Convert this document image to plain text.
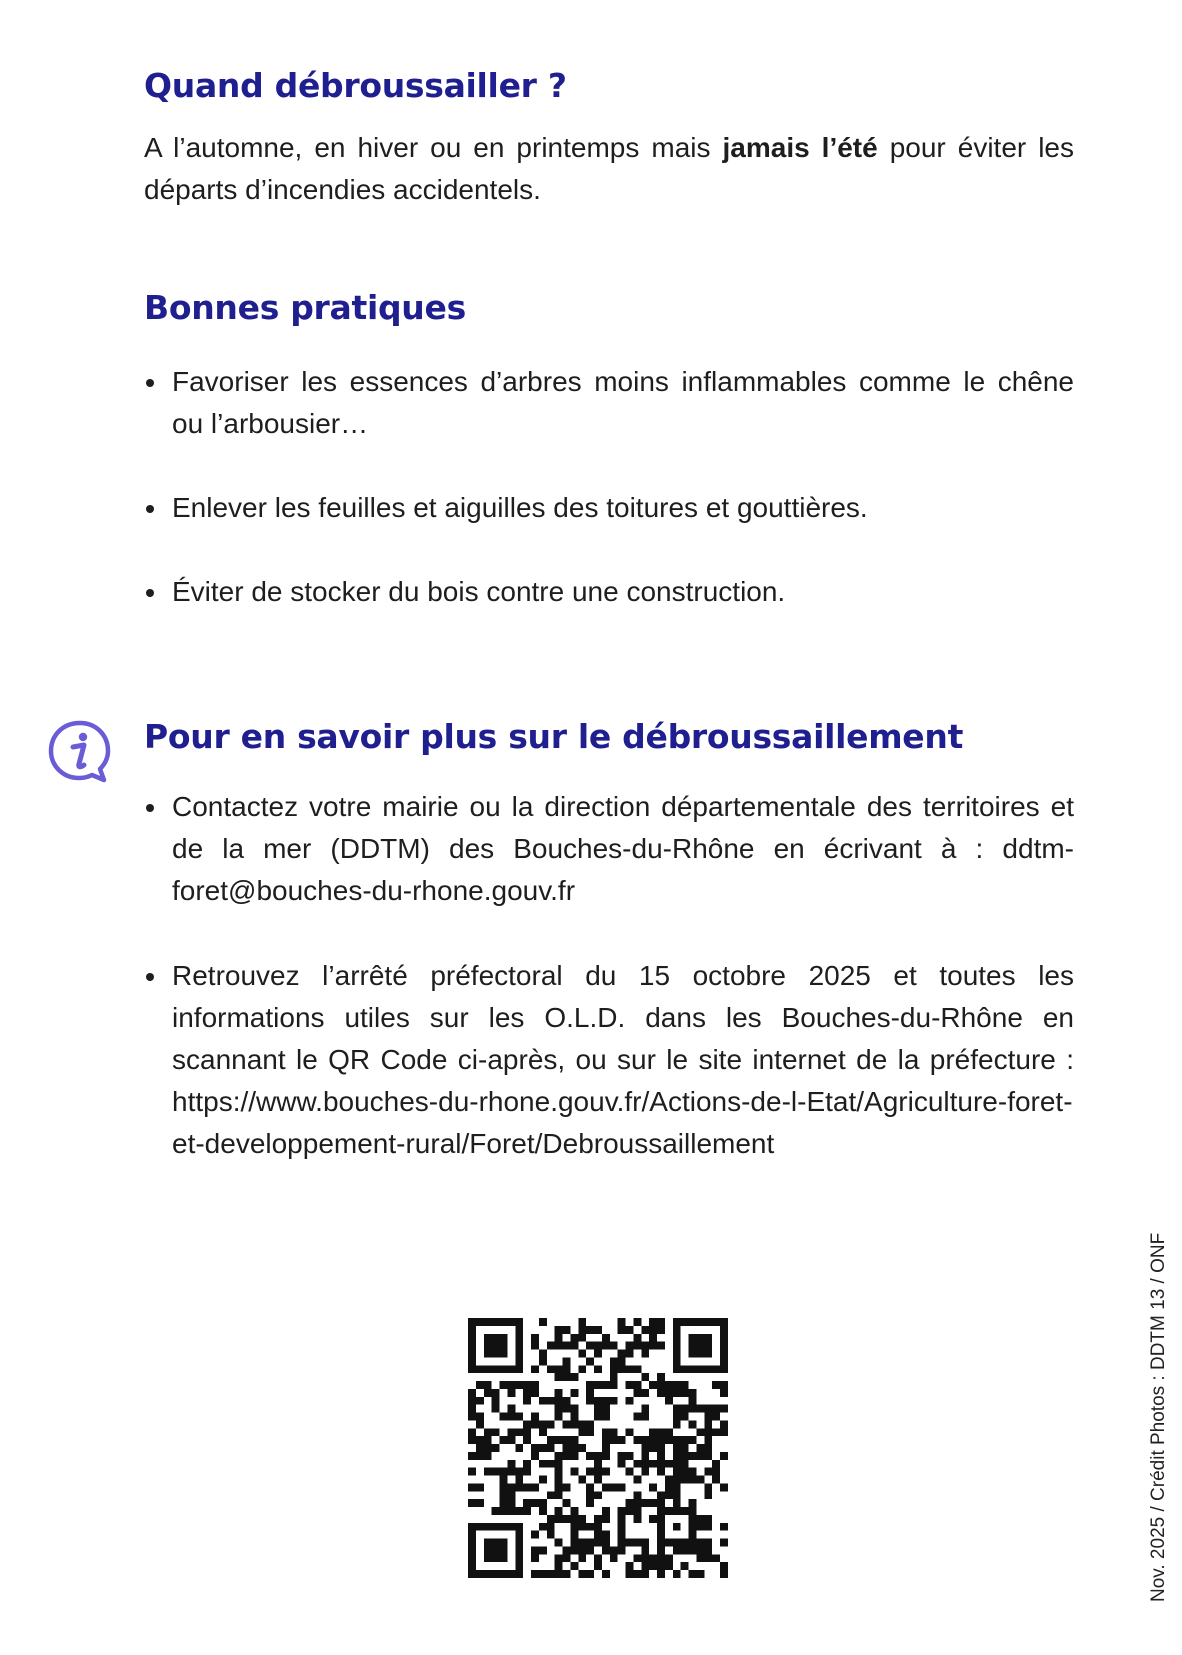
Quand débroussailler ?

A l’automne, en hiver ou en printemps mais jamais l’été pour éviter les départs d’incendies accidentels.

Bonnes pratiques
Favoriser les essences d’arbres moins inflammables comme le chêne ou l’arbousier…
Enlever les feuilles et aiguilles des toitures et gouttières.
Éviter de stocker du bois contre une construction.
Pour en savoir plus sur le débroussaillement
Contactez votre mairie ou la direction départementale des territoires et de la mer (DDTM) des Bouches-du-Rhône en écrivant à : ddtm-foret@bouches-du-rhone.gouv.fr
Retrouvez l’arrêté préfectoral du 15 octobre 2025 et toutes les informations utiles sur les O.L.D. dans les Bouches-du-Rhône en scannant le QR Code ci-après, ou sur le site internet de la préfecture : https://www.bouches-du-rhone.gouv.fr/Actions-de-l-Etat/Agriculture-foret-et-developpement-rural/Foret/Debroussaillement
Nov. 2025 / Crédit Photos : DDTM 13 / ONF
